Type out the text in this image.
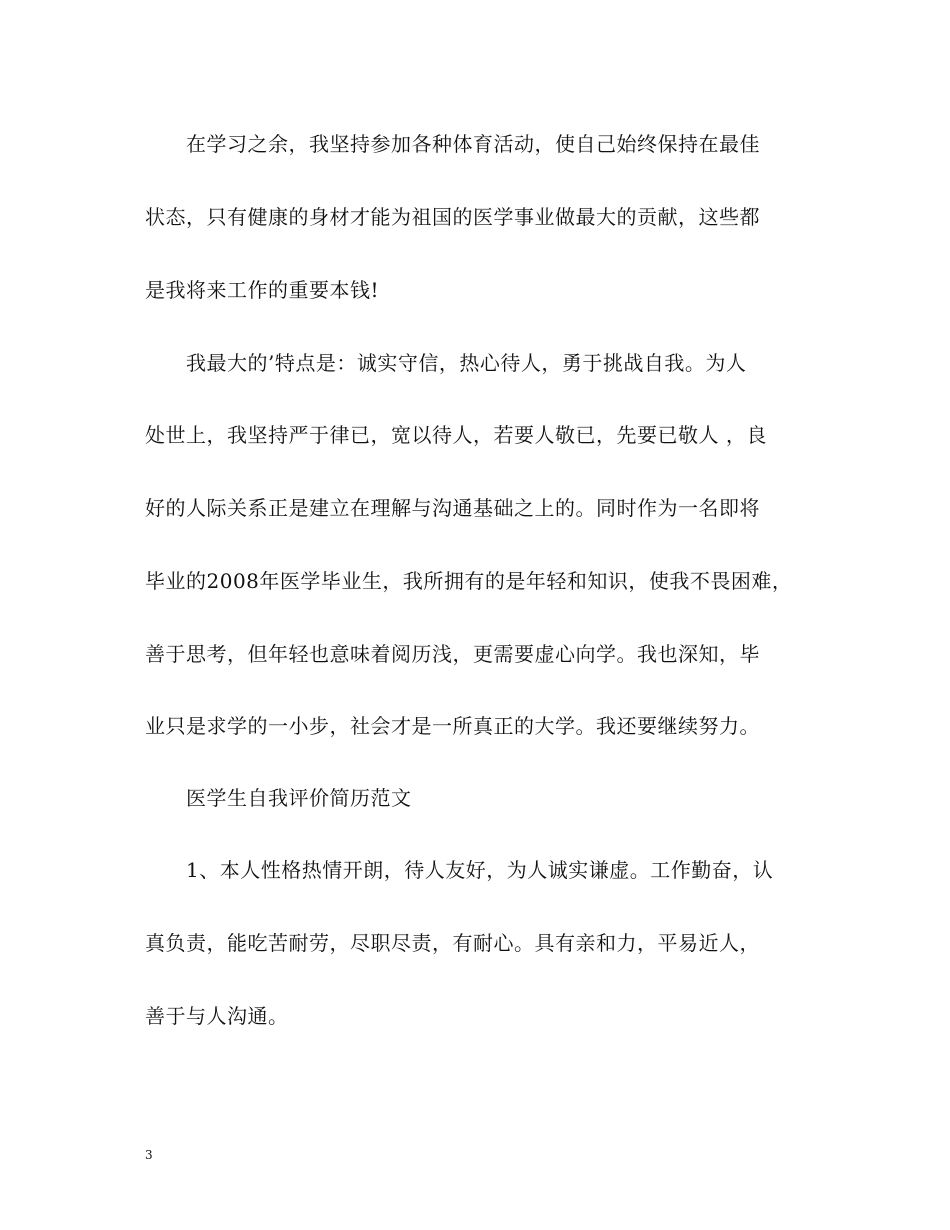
在学习之余，我坚持参加各种体育活动，使自己始终保持在最佳
状态，只有健康的身材才能为祖国的医学事业做最大的贡献，这些都
是我将来工作的重要本钱!
我最大的’特点是：诚实守信，热心待人，勇于挑战自我。为人
处世上，我坚持严于律已，宽以待人，若要人敬已，先要已敬人 ，良
好的人际关系正是建立在理解与沟通基础之上的。同时作为一名即将
毕业的2008年医学毕业生，我所拥有的是年轻和知识，使我不畏困难，
善于思考，但年轻也意味着阅历浅，更需要虚心向学。我也深知，毕
业只是求学的一小步，社会才是一所真正的大学。我还要继续努力。
医学生自我评价简历范文
1、本人性格热情开朗，待人友好，为人诚实谦虚。工作勤奋，认
真负责，能吃苦耐劳，尽职尽责，有耐心。具有亲和力，平易近人，
善于与人沟通。
3
